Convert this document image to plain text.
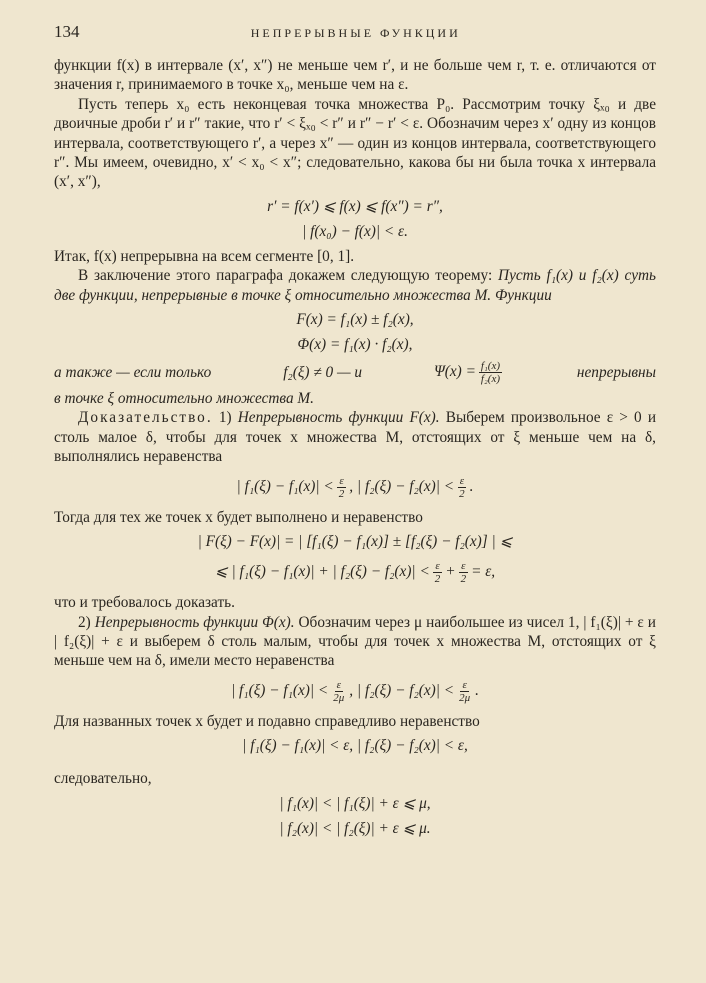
134	НЕПРЕРЫВНЫЕ ФУНКЦИИ

функции f(x) в интервале (x′, x″) не меньше чем r′, и не больше чем r, т. е. отличаются от значения r, принимаемого в точке x₀, меньше чем на ε.

Пусть теперь x₀ есть неконцевая точка множества P₀. Рассмотрим точку ξₓ₀ и две двоичные дроби r′ и r″ такие, что r′ < ξₓ₀ < r″ и r″ − r′ < ε. Обозначим через x′ одну из концов интервала, соответствующего r′, а через x″ — один из концов интервала, соответствующего r″. Мы имеем, очевидно, x′ < x₀ < x″; следовательно, какова бы ни была точка x интервала (x′, x″),

r′ = f(x′) ⩽ f(x) ⩽ f(x″) = r″,
| f(x₀) − f(x)| < ε.

Итак, f(x) непрерывна на всем сегменте [0, 1].

В заключение этого параграфа докажем следующую теорему: Пусть f₁(x) и f₂(x) суть две функции, непрерывные в точке ξ относительно множества M. Функции

F(x) = f₁(x) ± f₂(x),
Φ(x) = f₁(x) · f₂(x),
а также — если только	f₂(ξ) ≠ 0 — и	$\Psi(x) = \frac{\text{f₁(x)}}{\text{f₂(x)}}$	непрерывны

в точке ξ относительно множества M.

Доказательство. 1) Непрерывность функции F(x). Выберем произвольное ε > 0 и столь малое δ, чтобы для точек x множества M, отстоящих от ξ меньше чем на δ, выполнялись неравенства

| $f_1(\xi) - f_1(x)| < \frac{\varepsilon}{2}$ , | $f_2(\xi) - f_2(x)| < \frac{\varepsilon}{2}$ .

Тогда для тех же точек x будет выполнено и неравенство

| F(ξ) − F(x)| = | [f₁(ξ) − f₁(x)] ± [f₂(ξ) − f₂(x)] | ⩽
⩽ | f₁(ξ) − f₁(x)| + | $f_2(\xi) - f_2(x)| < \frac{\varepsilon}{2} + \frac{\varepsilon}{2} = \varepsilon$,

что и требовалось доказать.

2) Непрерывность функции Φ(x). Обозначим через μ наибольшее из чисел 1, | f₁(ξ)| + ε и | f₂(ξ)| + ε и выберем δ столь малым, чтобы для точек x множества M, отстоящих от ξ меньше чем на δ, имели место неравенства

| $f_1(\xi) - f_1(x)| < \frac{\varepsilon}{2\mu}$ , | $f_2(\xi) - f_2(x)| < \frac{\varepsilon}{2\mu}$ .

Для названных точек x будет и подавно справедливо неравенство

| f₁(ξ) − f₁(x)| < ε, | f₂(ξ) − f₂(x)| < ε,

следовательно,

| f₁(x)| < | f₁(ξ)| + ε ⩽ μ,
| f₂(x)| < | f₂(ξ)| + ε ⩽ μ.
